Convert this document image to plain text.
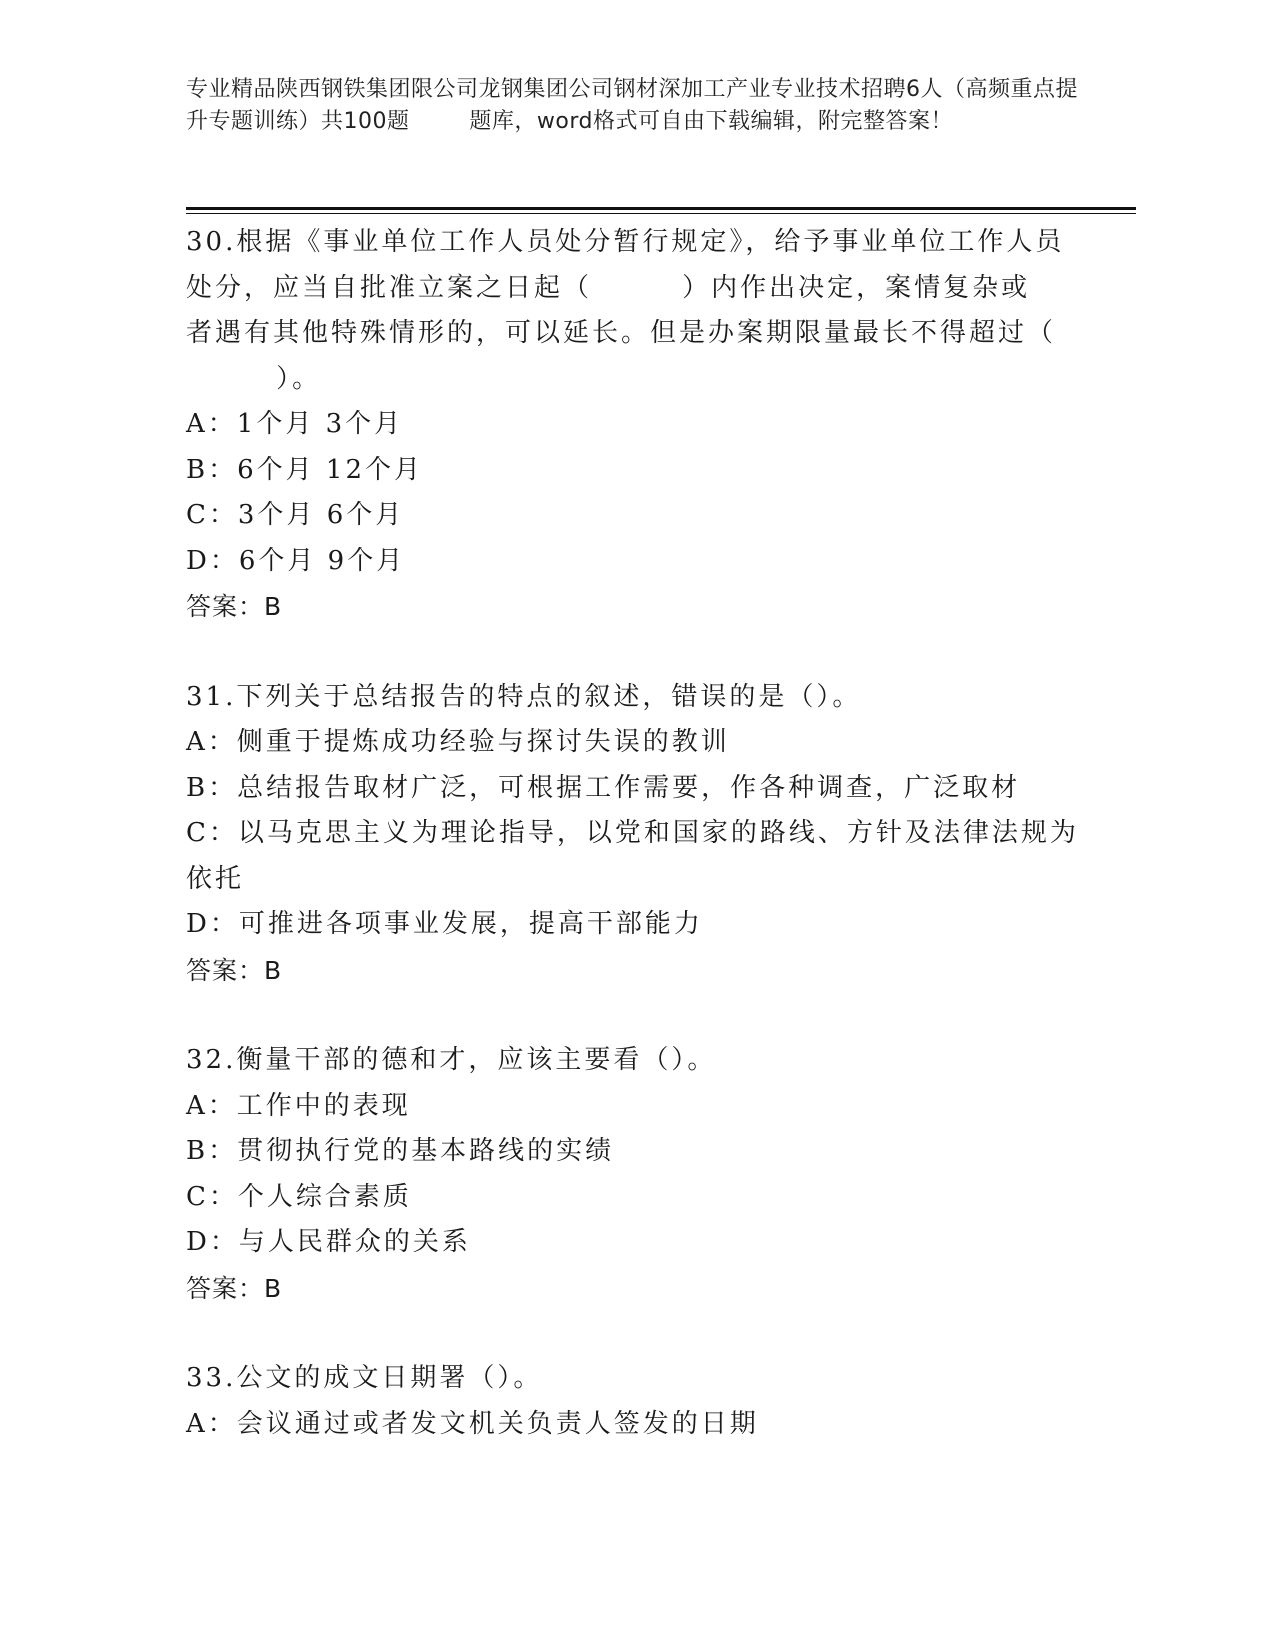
专业精品陕西钢铁集团限公司龙钢集团公司钢材深加工产业专业技术招聘6人（高频重点提升专题训练）共100题        题库，word格式可自由下载编辑，附完整答案！
30.根据《事业单位工作人员处分暂行规定》，给予事业单位工作人员
处分，应当自批准立案之日起（        ）内作出决定，案情复杂或
者遇有其他特殊情形的，可以延长。但是办案期限量最长不得超过（
）。
A：1个月 3个月
B：6个月 12个月
C：3个月 6个月
D：6个月 9个月
答案：B
31.下列关于总结报告的特点的叙述，错误的是（）。
A：侧重于提炼成功经验与探讨失误的教训
B：总结报告取材广泛，可根据工作需要，作各种调查，广泛取材
C：以马克思主义为理论指导，以党和国家的路线、方针及法律法规为
依托
D：可推进各项事业发展，提高干部能力
答案：B
32.衡量干部的德和才，应该主要看（）。
A：工作中的表现
B：贯彻执行党的基本路线的实绩
C：个人综合素质
D：与人民群众的关系
答案：B
33.公文的成文日期署（）。
A：会议通过或者发文机关负责人签发的日期
